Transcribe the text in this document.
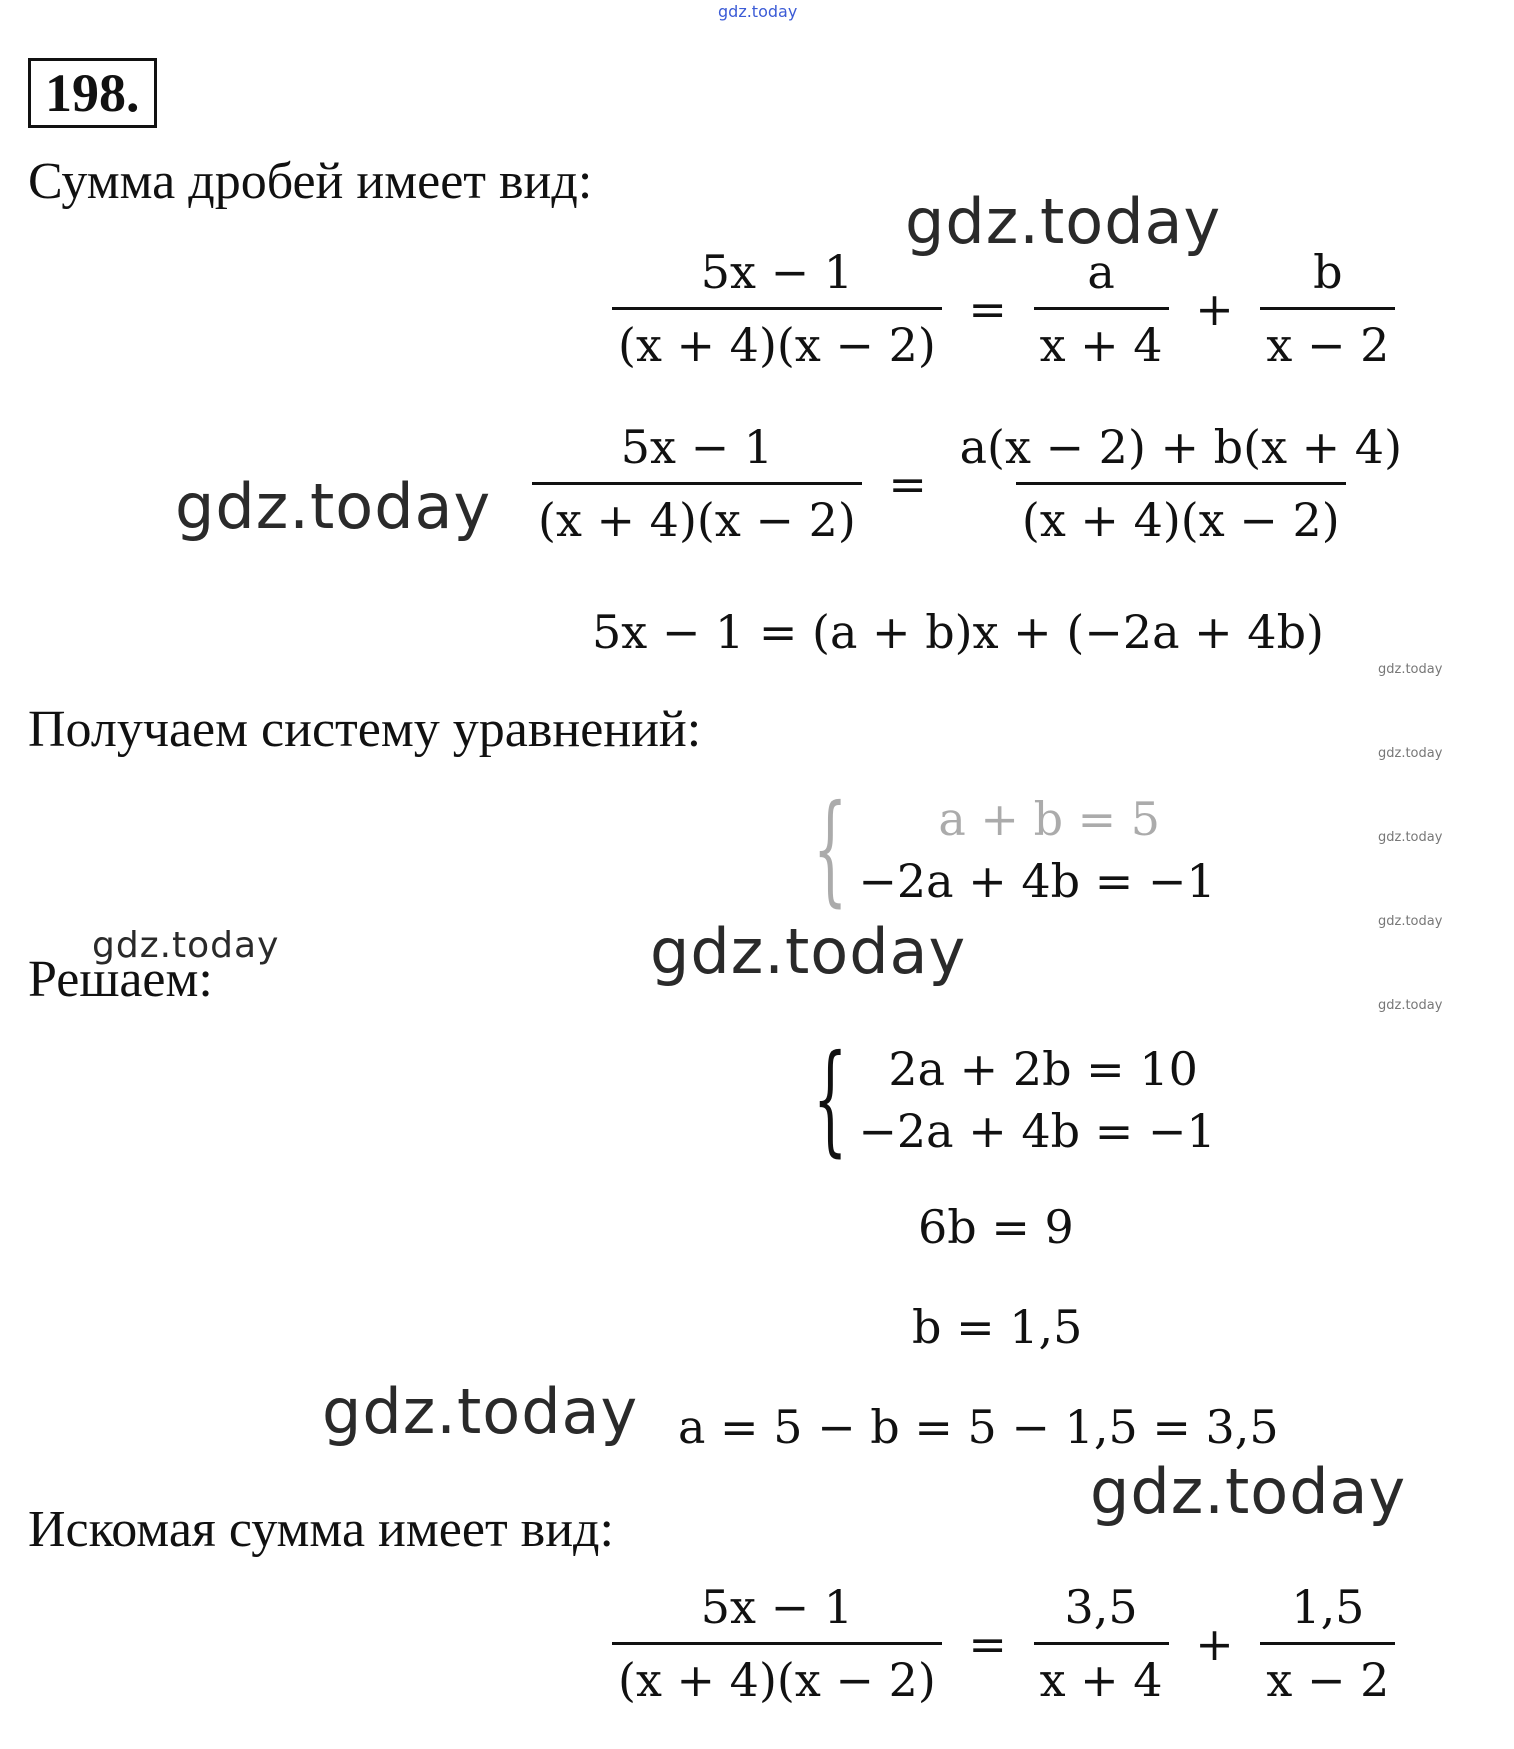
gdz.today
198.
Сумма дробей имеет вид:
gdz.today
gdz.today
gdz.today
gdz.today
gdz.today
gdz.today
gdz.today
gdz.today
gdz.today
gdz.today
gdz.today
$\frac{5x - 1}{(x + 4)(x - 2)} = \frac{a}{x + 4} + \frac{b}{x - 2}$
$\frac{5x - 1}{(x + 4)(x - 2)} = \frac{a(x - 2) + b(x + 4)}{(x + 4)(x - 2)}$
5x − 1 = (a + b)x + (−2a + 4b)
Получаем систему уравнений:
{	a + b = 5
−2a + 4b = −1
Решаем:
{ 2a + 2b = 10
−2a + 4b = −1
6b = 9
b = 1,5
a = 5 − b = 5 − 1,5 = 3,5
Искомая сумма имеет вид:
$\frac{5x - 1}{(x + 4)(x - 2)} = \frac{3,5}{x + 4} + \frac{1,5}{x - 2}$
